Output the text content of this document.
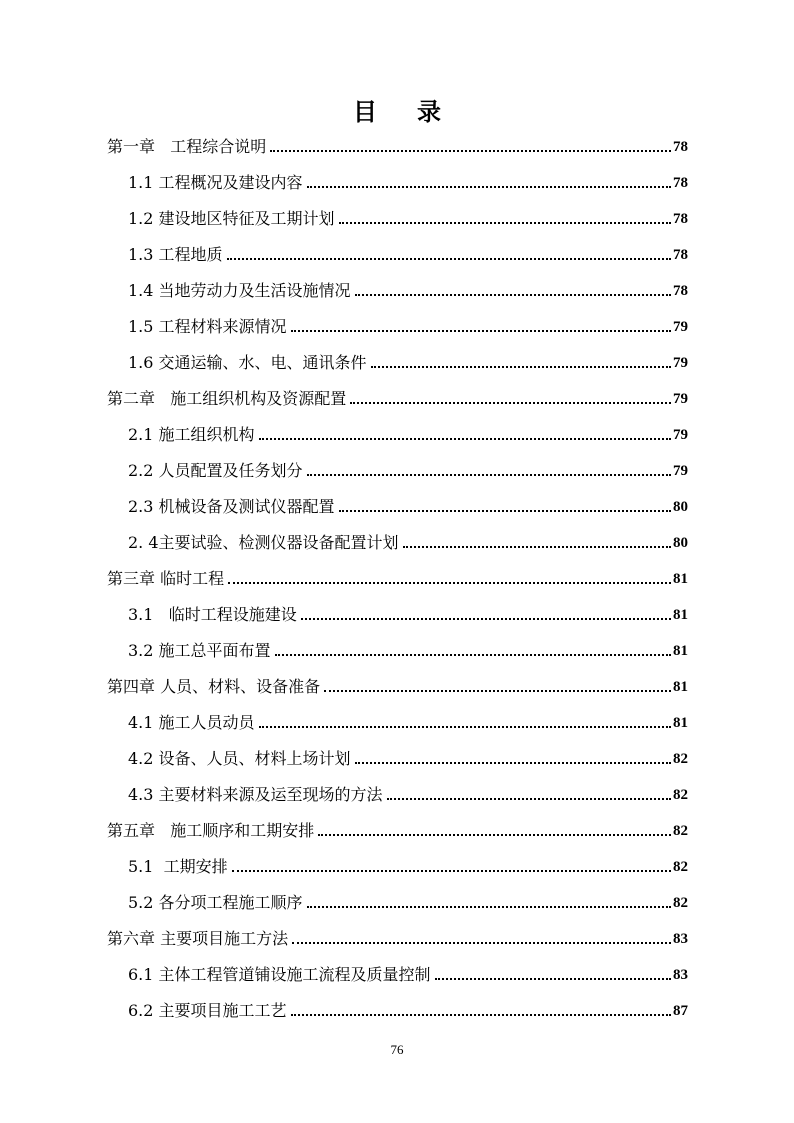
目录
第一章   工程综合说明	78
1.1 工程概况及建设内容	78
1.2 建设地区特征及工期计划	78
1.3 工程地质	78
1.4 当地劳动力及生活设施情况	78
1.5 工程材料来源情况	79
1.6 交通运输、水、电、通讯条件	79
第二章   施工组织机构及资源配置	79
2.1 施工组织机构	79
2.2 人员配置及任务划分	79
2.3 机械设备及测试仪器配置	80
2. 4主要试验、检测仪器设备配置计划	80
第三章 临时工程	81
3.1   临时工程设施建设	81
3.2 施工总平面布置	81
第四章 人员、材料、设备准备	81
4.1 施工人员动员	81
4.2 设备、人员、材料上场计划	82
4.3 主要材料来源及运至现场的方法	82
第五章   施工顺序和工期安排	82
5.1  工期安排	82
5.2 各分项工程施工顺序	82
第六章 主要项目施工方法	83
6.1 主体工程管道铺设施工流程及质量控制	83
6.2 主要项目施工工艺	87
76
